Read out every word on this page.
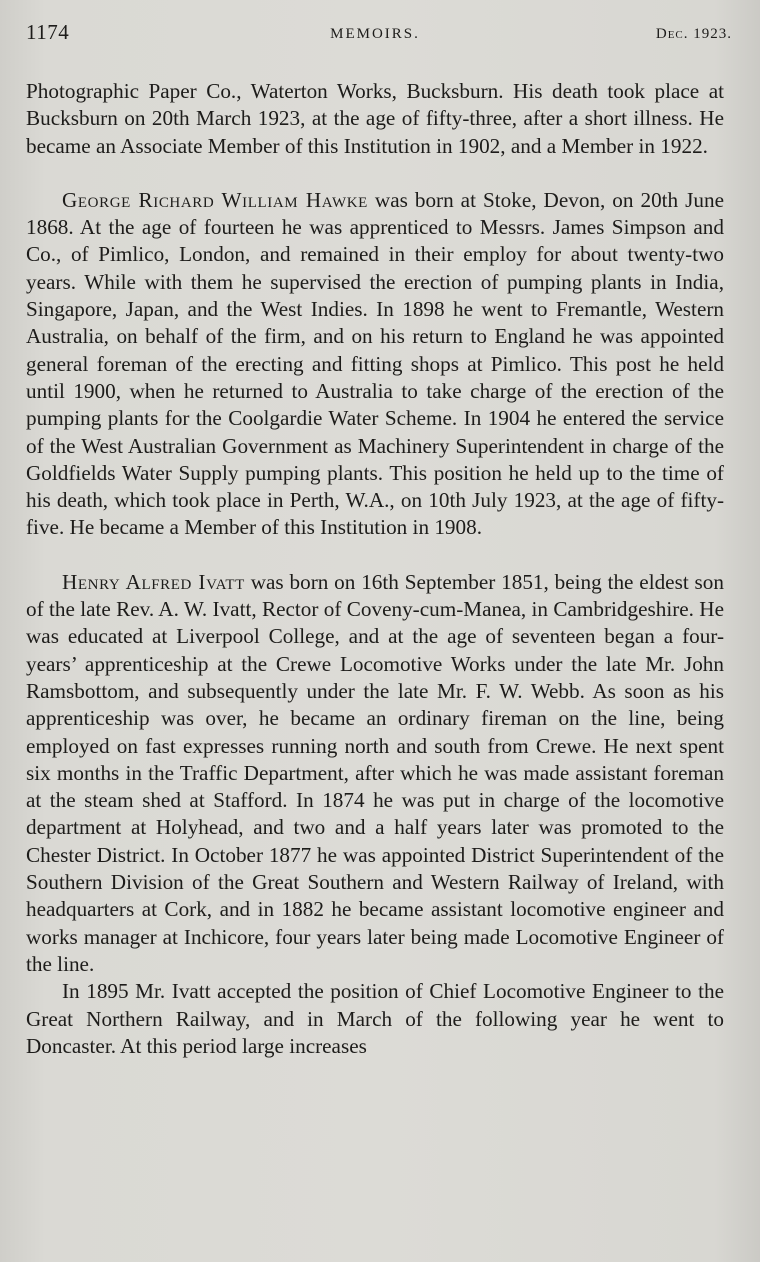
1174	MEMOIRS.	Dec. 1923.

Photographic Paper Co., Waterton Works, Bucksburn. His death took place at Bucksburn on 20th March 1923, at the age of fifty-three, after a short illness. He became an Associate Member of this Institution in 1902, and a Member in 1922.

George Richard William Hawke was born at Stoke, Devon, on 20th June 1868. At the age of fourteen he was apprenticed to Messrs. James Simpson and Co., of Pimlico, London, and remained in their employ for about twenty-two years. While with them he supervised the erection of pumping plants in India, Singapore, Japan, and the West Indies. In 1898 he went to Fremantle, Western Australia, on behalf of the firm, and on his return to England he was appointed general foreman of the erecting and fitting shops at Pimlico. This post he held until 1900, when he returned to Australia to take charge of the erection of the pumping plants for the Coolgardie Water Scheme. In 1904 he entered the service of the West Australian Government as Machinery Superintendent in charge of the Goldfields Water Supply pumping plants. This position he held up to the time of his death, which took place in Perth, W.A., on 10th July 1923, at the age of fifty-five. He became a Member of this Institution in 1908.

Henry Alfred Ivatt was born on 16th September 1851, being the eldest son of the late Rev. A. W. Ivatt, Rector of Coveny-cum-Manea, in Cambridgeshire. He was educated at Liverpool College, and at the age of seventeen began a four-years’ apprenticeship at the Crewe Locomotive Works under the late Mr. John Ramsbottom, and subsequently under the late Mr. F. W. Webb. As soon as his apprenticeship was over, he became an ordinary fireman on the line, being employed on fast expresses running north and south from Crewe. He next spent six months in the Traffic Department, after which he was made assistant foreman at the steam shed at Stafford. In 1874 he was put in charge of the locomotive department at Holyhead, and two and a half years later was promoted to the Chester District. In October 1877 he was appointed District Superintendent of the Southern Division of the Great Southern and Western Railway of Ireland, with headquarters at Cork, and in 1882 he became assistant locomotive engineer and works manager at Inchicore, four years later being made Locomotive Engineer of the line.

In 1895 Mr. Ivatt accepted the position of Chief Locomotive Engineer to the Great Northern Railway, and in March of the following year he went to Doncaster. At this period large increases
